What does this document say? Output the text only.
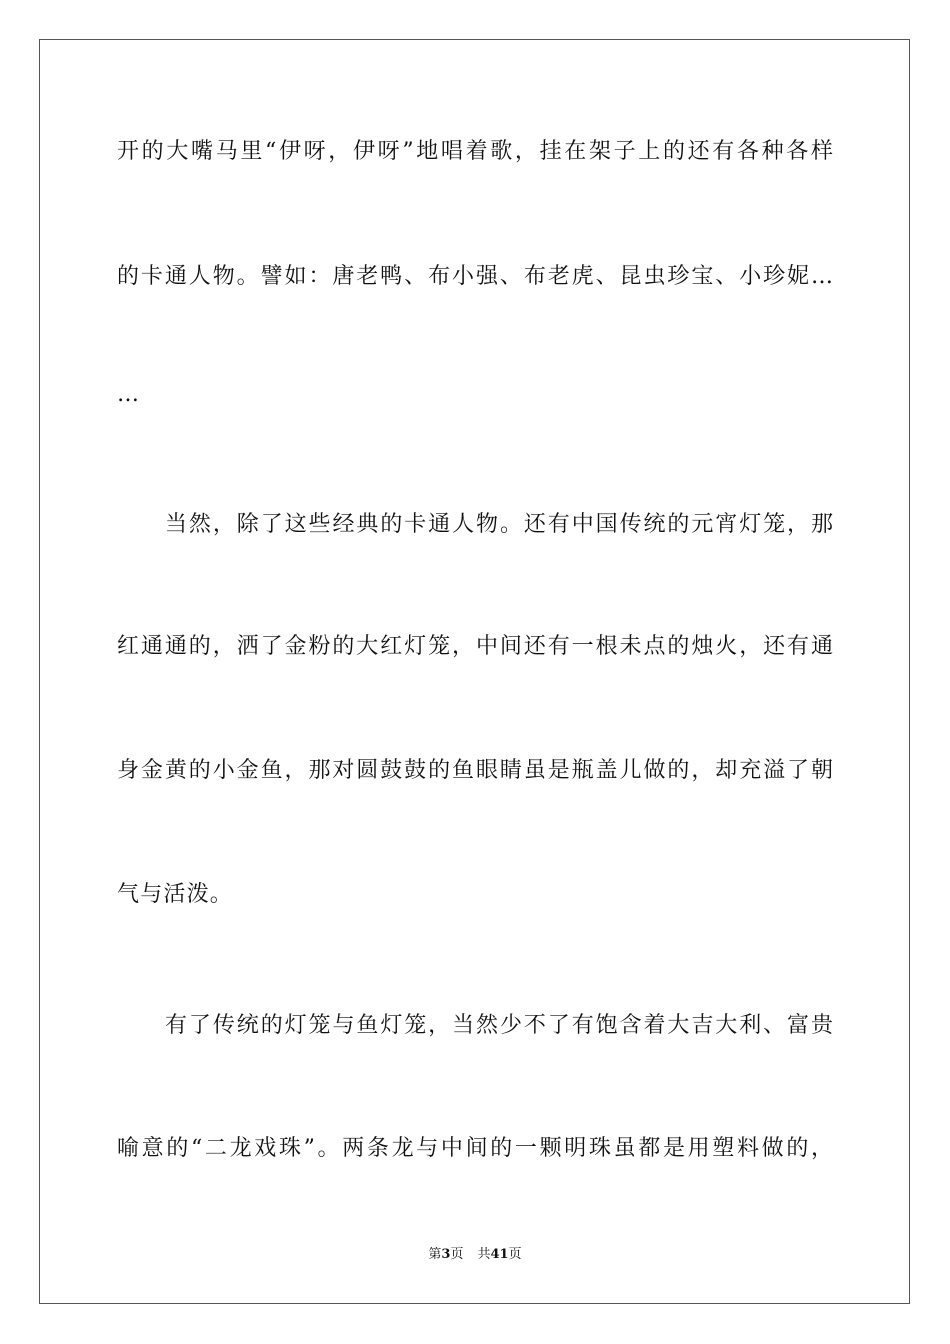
开的大嘴马里“伊呀，伊呀”地唱着歌，挂在架子上的还有各种各样
的卡通人物。譬如：唐老鸭、布小强、布老虎、昆虫珍宝、小珍妮…
…
当然，除了这些经典的卡通人物。还有中国传统的元宵灯笼，那
红通通的，洒了金粉的大红灯笼，中间还有一根未点的烛火，还有通
身金黄的小金鱼，那对圆鼓鼓的鱼眼睛虽是瓶盖儿做的，却充溢了朝
气与活泼。
有了传统的灯笼与鱼灯笼，当然少不了有饱含着大吉大利、富贵
喻意的“二龙戏珠”。两条龙与中间的一颗明珠虽都是用塑料做的，
第3页 共41页
